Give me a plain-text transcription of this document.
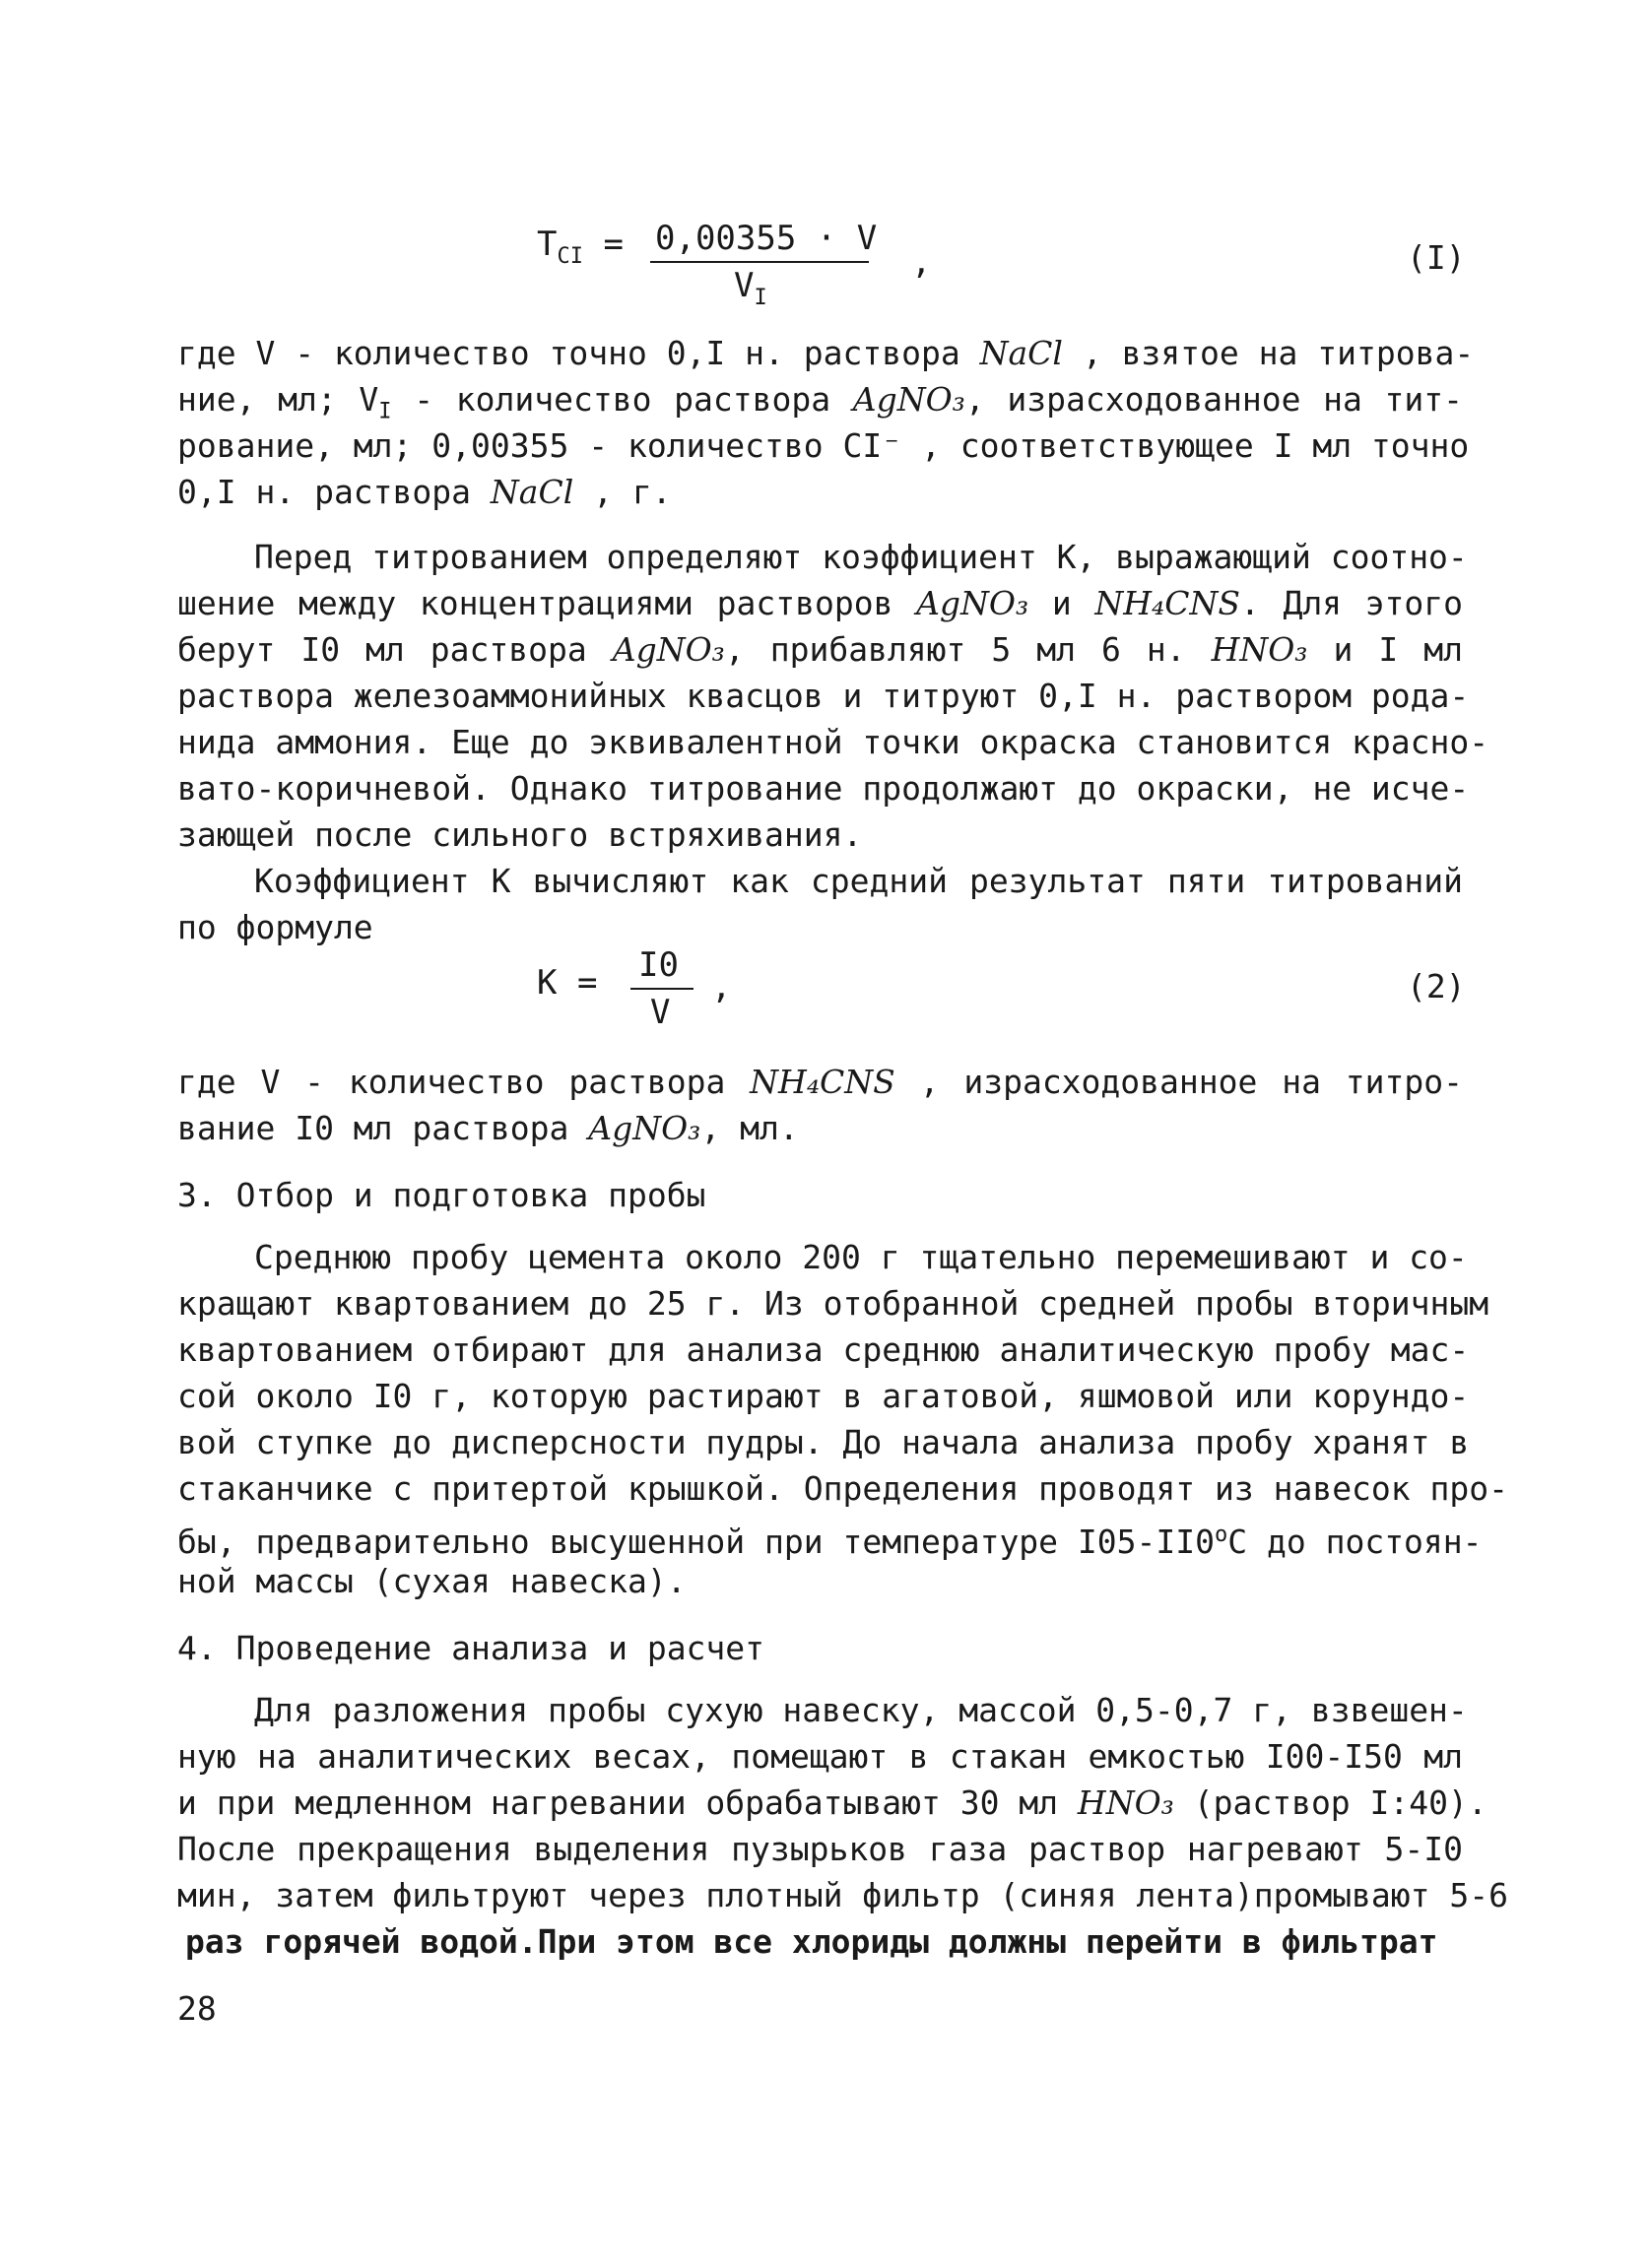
$T_{CI} = 0,00355 \cdot V$
$V_I$
,	(I)
где V - количество точно 0,I н. раствора NaCl , взятое на титрова-
ние, мл; $V_I$ - количество раствора AgNO₃, израсходованное на тит-
рование, мл; 0,00355 - количество CI⁻ , соответствующее I мл точно
0,I н. раствора NaCl , г.
Перед титрованием определяют коэффициент К, выражающий соотно-
шение между концентрациями растворов AgNO₃ и NH₄CNS. Для этого
берут I0 мл раствора AgNO₃, прибавляют 5 мл 6 н. HNO₃ и I мл
раствора железоаммонийных квасцов и титруют 0,I н. раствором рода-
нида аммония. Еще до эквивалентной точки окраска становится красно-
вато-коричневой. Однако титрование продолжают до окраски, не исче-
зающей после сильного встряхивания.
Коэффициент К вычисляют как средний результат пяти титрований
по формуле
К = I0
V
,	(2)
где V - количество раствора NH₄CNS , израсходованное на титро-
вание I0 мл раствора AgNO₃, мл.
3. Отбор и подготовка пробы
Среднюю пробу цемента около 200 г тщательно перемешивают и со-
кращают квартованием до 25 г. Из отобранной средней пробы вторичным
квартованием отбирают для анализа среднюю аналитическую пробу мас-
сой около I0 г, которую растирают в агатовой, яшмовой или корундо-
вой ступке до дисперсности пудры. До начала анализа пробу хранят в
стаканчике с притертой крышкой. Определения проводят из навесок про-
бы, предварительно высушенной при температуре $I05-II0^оС$ до постоян-
ной массы (сухая навеска).
4. Проведение анализа и расчет
Для разложения пробы сухую навеску, массой 0,5-0,7 г, взвешен-
ную на аналитических весах, помещают в стакан емкостью I00-I50 мл
и при медленном нагревании обрабатывают 30 мл HNO₃ (раствор I:40).
После прекращения выделения пузырьков газа раствор нагревают 5-I0
мин, затем фильтруют через плотный фильтр (синяя лента)промывают 5-6
раз горячей водой.При этом все хлориды должны перейти в фильтрат
28
